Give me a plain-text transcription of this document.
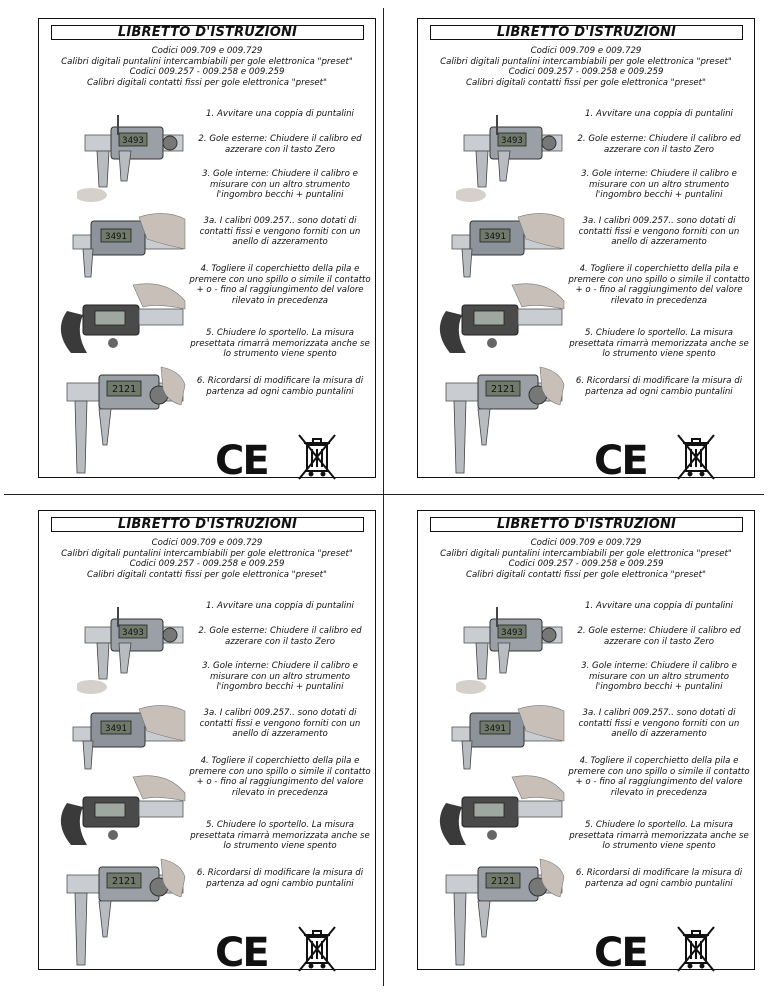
LIBRETTO D'ISTRUZIONI
Codici 009.709 e 009.729
Calibri digitali puntalini intercambiabili per gole elettronica "preset"
Codici 009.257 - 009.258 e 009.259
Calibri digitali contatti fissi per gole elettronica "preset"
1. Avvitare una coppia di puntalini
2. Gole esterne: Chiudere il calibro ed azzerare con il tasto Zero
3. Gole interne: Chiudere il calibro e misurare con un altro strumento l'ingombro becchi + puntalini
3a. I calibri 009.257.. sono dotati di contatti fissi e vengono forniti con un anello di azzeramento
4. Togliere il coperchietto della pila e premere con uno spillo o simile il contatto + o - fino al raggiungimento del valore rilevato in precedenza
5. Chiudere lo sportello. La misura presettata rimarrà memorizzata anche se lo strumento viene spento
6. Ricordarsi di modificare la misura di partenza ad ogni cambio puntalini
3493
3491
2121
CE
LIBRETTO D'ISTRUZIONI
Codici 009.709 e 009.729
Calibri digitali puntalini intercambiabili per gole elettronica "preset"
Codici 009.257 - 009.258 e 009.259
Calibri digitali contatti fissi per gole elettronica "preset"
1. Avvitare una coppia di puntalini
2. Gole esterne: Chiudere il calibro ed azzerare con il tasto Zero
3. Gole interne: Chiudere il calibro e misurare con un altro strumento l'ingombro becchi + puntalini
3a. I calibri 009.257.. sono dotati di contatti fissi e vengono forniti con un anello di azzeramento
4. Togliere il coperchietto della pila e premere con uno spillo o simile il contatto + o - fino al raggiungimento del valore rilevato in precedenza
5. Chiudere lo sportello. La misura presettata rimarrà memorizzata anche se lo strumento viene spento
6. Ricordarsi di modificare la misura di partenza ad ogni cambio puntalini
3493
3491
2121
CE
LIBRETTO D'ISTRUZIONI
Codici 009.709 e 009.729
Calibri digitali puntalini intercambiabili per gole elettronica "preset"
Codici 009.257 - 009.258 e 009.259
Calibri digitali contatti fissi per gole elettronica "preset"
1. Avvitare una coppia di puntalini
2. Gole esterne: Chiudere il calibro ed azzerare con il tasto Zero
3. Gole interne: Chiudere il calibro e misurare con un altro strumento l'ingombro becchi + puntalini
3a. I calibri 009.257.. sono dotati di contatti fissi e vengono forniti con un anello di azzeramento
4. Togliere il coperchietto della pila e premere con uno spillo o simile il contatto + o - fino al raggiungimento del valore rilevato in precedenza
5. Chiudere lo sportello. La misura presettata rimarrà memorizzata anche se lo strumento viene spento
6. Ricordarsi di modificare la misura di partenza ad ogni cambio puntalini
3493
3491
2121
CE
LIBRETTO D'ISTRUZIONI
Codici 009.709 e 009.729
Calibri digitali puntalini intercambiabili per gole elettronica "preset"
Codici 009.257 - 009.258 e 009.259
Calibri digitali contatti fissi per gole elettronica "preset"
1. Avvitare una coppia di puntalini
2. Gole esterne: Chiudere il calibro ed azzerare con il tasto Zero
3. Gole interne: Chiudere il calibro e misurare con un altro strumento l'ingombro becchi + puntalini
3a. I calibri 009.257.. sono dotati di contatti fissi e vengono forniti con un anello di azzeramento
4. Togliere il coperchietto della pila e premere con uno spillo o simile il contatto + o - fino al raggiungimento del valore rilevato in precedenza
5. Chiudere lo sportello. La misura presettata rimarrà memorizzata anche se lo strumento viene spento
6. Ricordarsi di modificare la misura di partenza ad ogni cambio puntalini
3493
3491
2121
CE
